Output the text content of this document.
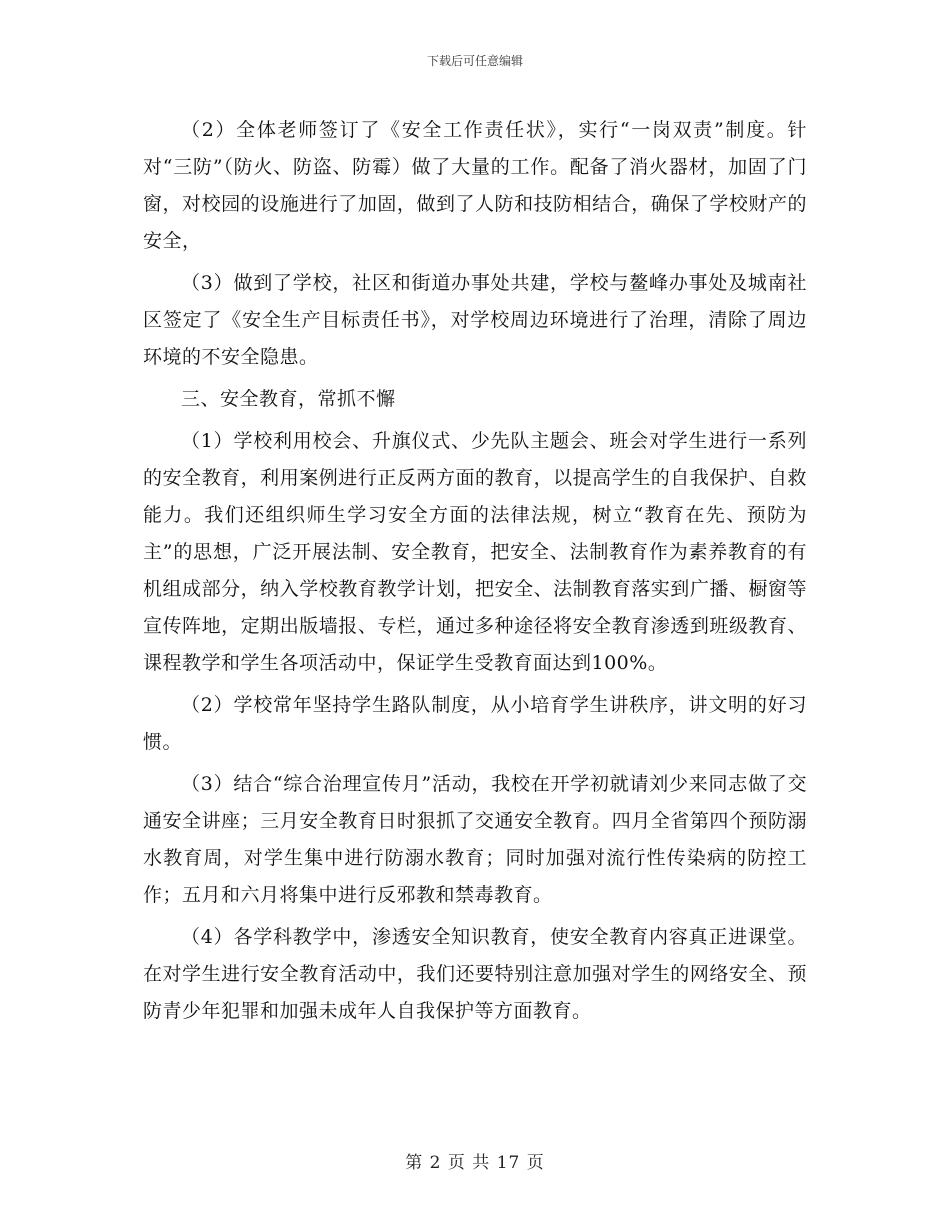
下载后可任意编辑

（2）全体老师签订了《安全工作责任状》，实行“一岗双责”制度。针对“三防”（防火、防盗、防霉）做了大量的工作。配备了消火器材，加固了门窗，对校园的设施进行了加固，做到了人防和技防相结合，确保了学校财产的安全，

（3）做到了学校，社区和街道办事处共建，学校与鳌峰办事处及城南社区签定了《安全生产目标责任书》，对学校周边环境进行了治理，清除了周边环境的不安全隐患。

三、安全教育，常抓不懈

（1）学校利用校会、升旗仪式、少先队主题会、班会对学生进行一系列的安全教育，利用案例进行正反两方面的教育，以提高学生的自我保护、自救能力。我们还组织师生学习安全方面的法律法规，树立“教育在先、预防为主”的思想，广泛开展法制、安全教育，把安全、法制教育作为素养教育的有机组成部分，纳入学校教育教学计划，把安全、法制教育落实到广播、橱窗等宣传阵地，定期出版墙报、专栏，通过多种途径将安全教育渗透到班级教育、课程教学和学生各项活动中，保证学生受教育面达到100%。

（2）学校常年坚持学生路队制度，从小培育学生讲秩序，讲文明的好习惯。

（3）结合“综合治理宣传月”活动，我校在开学初就请刘少来同志做了交通安全讲座；三月安全教育日时狠抓了交通安全教育。四月全省第四个预防溺水教育周，对学生集中进行防溺水教育；同时加强对流行性传染病的防控工作；五月和六月将集中进行反邪教和禁毒教育。

（4）各学科教学中，渗透安全知识教育，使安全教育内容真正进课堂。在对学生进行安全教育活动中，我们还要特别注意加强对学生的网络安全、预防青少年犯罪和加强未成年人自我保护等方面教育。

第 2 页 共 17 页
